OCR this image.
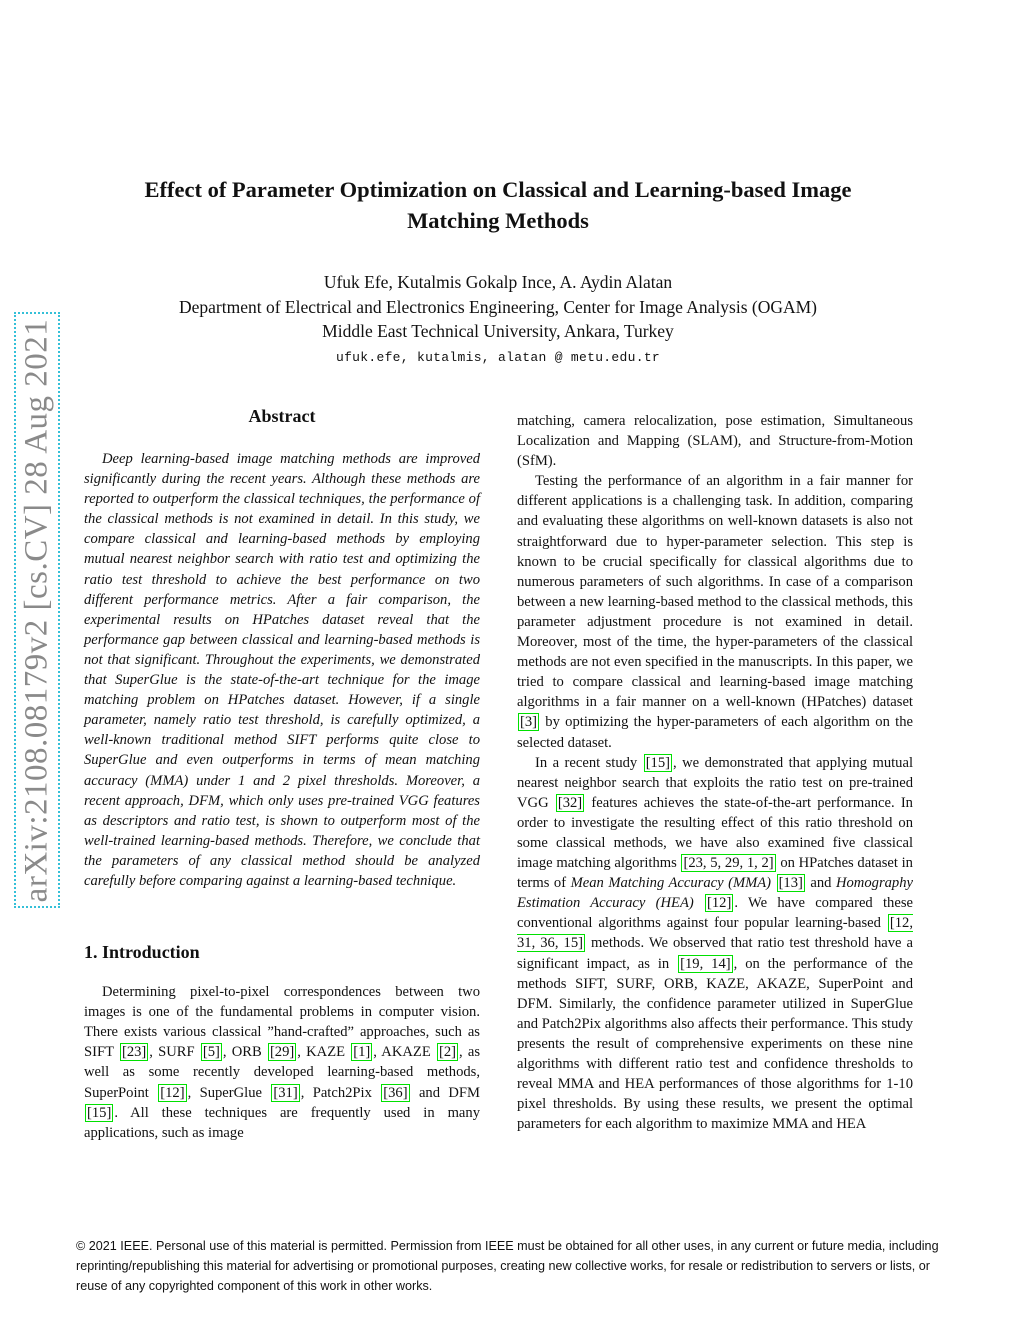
arXiv:2108.08179v2 [cs.CV] 28 Aug 2021
Effect of Parameter Optimization on Classical and Learning-based Image Matching Methods
Ufuk Efe, Kutalmis Gokalp Ince, A. Aydin Alatan
Department of Electrical and Electronics Engineering, Center for Image Analysis (OGAM)
Middle East Technical University, Ankara, Turkey
ufuk.efe, kutalmis, alatan @ metu.edu.tr
Abstract

Deep learning-based image matching methods are improved significantly during the recent years. Although these methods are reported to outperform the classical techniques, the performance of the classical methods is not examined in detail. In this study, we compare classical and learning-based methods by employing mutual nearest neighbor search with ratio test and optimizing the ratio test threshold to achieve the best performance on two different performance metrics. After a fair comparison, the experimental results on HPatches dataset reveal that the performance gap between classical and learning-based methods is not that significant. Throughout the experiments, we demonstrated that SuperGlue is the state-of-the-art technique for the image matching problem on HPatches dataset. However, if a single parameter, namely ratio test threshold, is carefully optimized, a well-known traditional method SIFT performs quite close to SuperGlue and even outperforms in terms of mean matching accuracy (MMA) under 1 and 2 pixel thresholds. Moreover, a recent approach, DFM, which only uses pre-trained VGG features as descriptors and ratio test, is shown to outperform most of the well-trained learning-based methods. Therefore, we conclude that the parameters of any classical method should be analyzed carefully before comparing against a learning-based technique.

1. Introduction

Determining pixel-to-pixel correspondences between two images is one of the fundamental problems in computer vision. There exists various classical ”hand-crafted” approaches, such as SIFT [23] , SURF [5] , ORB [29] , KAZE [1] , AKAZE [2] , as well as some recently developed learning-based methods, SuperPoint [12] , SuperGlue [31] , Patch2Pix [36] and DFM [15] . All these techniques are frequently used in many applications, such as image

matching, camera relocalization, pose estimation, Simultaneous Localization and Mapping (SLAM), and Structure-from-Motion (SfM).

Testing the performance of an algorithm in a fair manner for different applications is a challenging task. In addition, comparing and evaluating these algorithms on well-known datasets is also not straightforward due to hyper-parameter selection. This step is known to be crucial specifically for classical algorithms due to numerous parameters of such algorithms. In case of a comparison between a new learning-based method to the classical methods, this parameter adjustment procedure is not examined in detail. Moreover, most of the time, the hyper-parameters of the classical methods are not even specified in the manuscripts. In this paper, we tried to compare classical and learning-based image matching algorithms in a fair manner on a well-known (HPatches) dataset [3] by optimizing the hyper-parameters of each algorithm on the selected dataset.

In a recent study [15] , we demonstrated that applying mutual nearest neighbor search that exploits the ratio test on pre-trained VGG [32] features achieves the state-of-the-art performance. In order to investigate the resulting effect of this ratio threshold on some classical methods, we have also examined five classical image matching algorithms [23, 5, 29, 1, 2] on HPatches dataset in terms of Mean Matching Accuracy (MMA) [13] and Homography Estimation Accuracy (HEA) [12] . We have compared these conventional algorithms against four popular learning-based [12, 31, 36, 15] methods. We observed that ratio test threshold have a significant impact, as in [19, 14] , on the performance of the methods SIFT, SURF, ORB, KAZE, AKAZE, SuperPoint and DFM. Similarly, the confidence parameter utilized in SuperGlue and Patch2Pix algorithms also affects their performance. This study presents the result of comprehensive experiments on these nine algorithms with different ratio test and confidence thresholds to reveal MMA and HEA performances of those algorithms for 1-10 pixel thresholds. By using these results, we present the optimal parameters for each algorithm to maximize MMA and HEA

© 2021 IEEE. Personal use of this material is permitted. Permission from IEEE must be obtained for all other uses, in any current or future media, including reprinting/republishing this material for advertising or promotional purposes, creating new collective works, for resale or redistribution to servers or lists, or reuse of any copyrighted component of this work in other works.
